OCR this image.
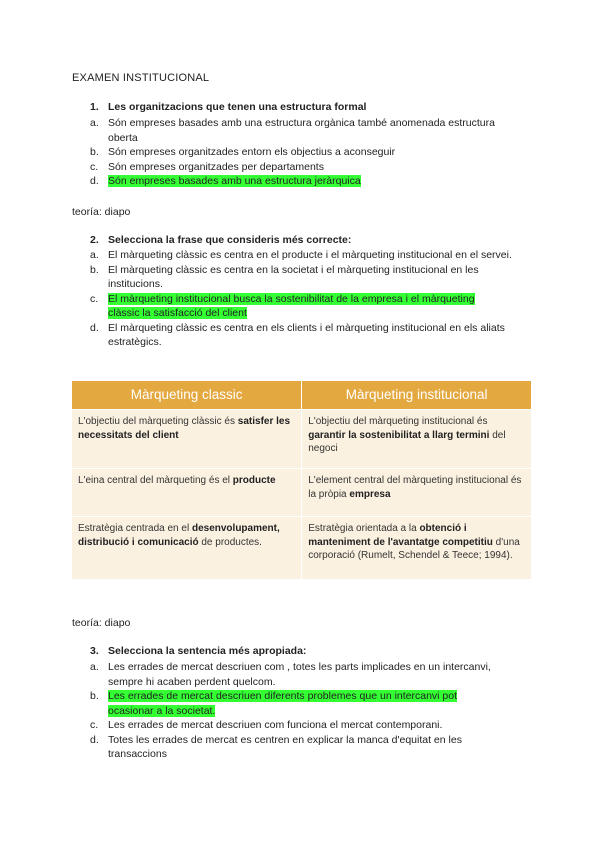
EXAMEN INSTITUCIONAL
1. Les organitzacions que tenen una estructura formal
a. Són empreses basades amb una estructura orgànica també anomenada estructura oberta
b. Són empreses organitzades entorn els objectius a aconseguir
c. Són empreses organitzades per departaments
d. Són empreses basades amb una estructura jeràrquica
teoría: diapo
2. Selecciona la frase que consideris més correcte:
a. El màrqueting clàssic es centra en el producte i el màrqueting institucional en el servei.
b. El màrqueting clàssic es centra en la societat i el màrqueting institucional en les institucions.
c. El màrqueting institucional busca la sostenibilitat de la empresa i el màrqueting clàssic la satisfacció del client
d. El màrqueting clàssic es centra en els clients i el màrqueting institucional en els aliats estratègics.
Màrqueting classic	Màrqueting institucional
L'objectiu del màrqueting clàssic és satisfer les necessitats del client	L'objectiu del màrqueting institucional és garantir la sostenibilitat a llarg termini del negoci
L'eina central del màrqueting és el producte	L'element central del màrqueting institucional és la pròpia empresa
Estratègia centrada en el desenvolupament, distribució i comunicació de productes.	Estratègia orientada a la obtenció i manteniment de l'avantatge competitiu d'una corporació (Rumelt, Schendel & Teece; 1994).
teoría: diapo
3. Selecciona la sentencia més apropiada:
a. Les errades de mercat descriuen com , totes les parts implicades en un intercanvi, sempre hi acaben perdent quelcom.
b. Les errades de mercat descriuen diferents problemes que un intercanvi pot ocasionar a la societat.
c. Les errades de mercat descriuen com funciona el mercat contemporani.
d. Totes les errades de mercat es centren en explicar la manca d'equitat en les transaccions
